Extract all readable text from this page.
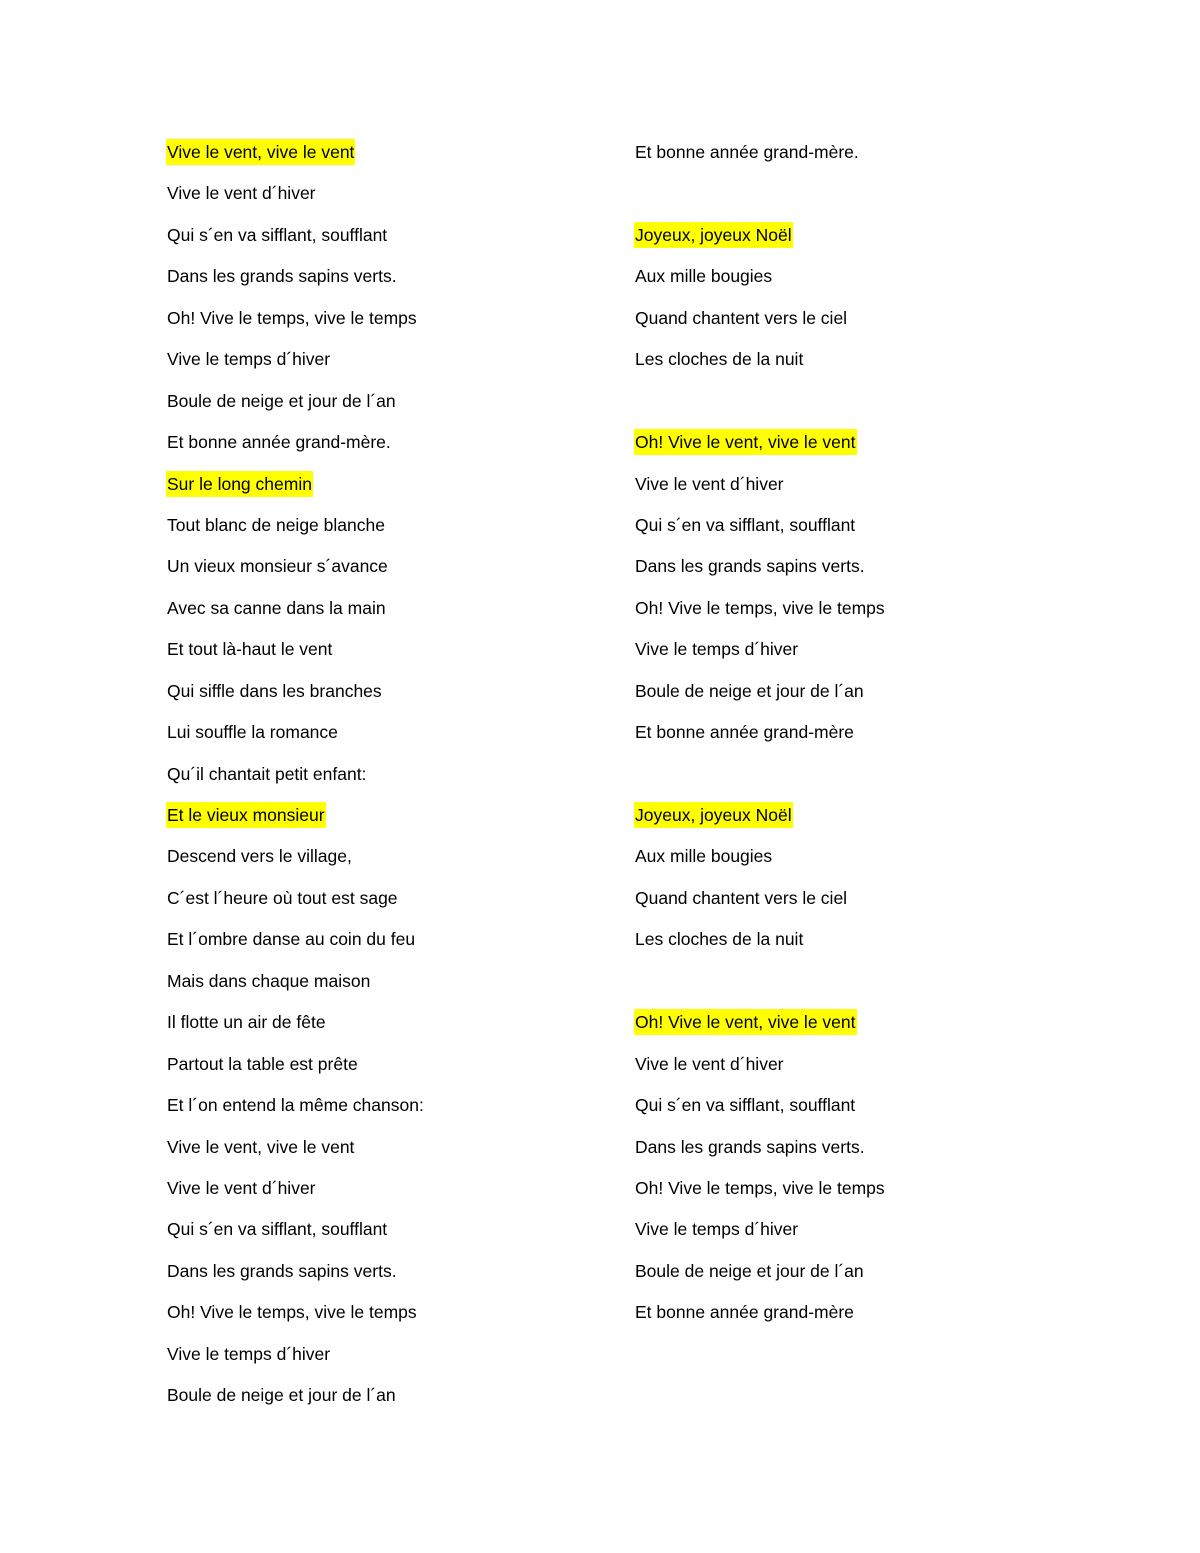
Vive le vent, vive le vent
Vive le vent d´hiver
Qui s´en va sifflant, soufflant
Dans les grands sapins verts.
Oh! Vive le temps, vive le temps
Vive le temps d´hiver
Boule de neige et jour de l´an
Et bonne année grand-mère.
Sur le long chemin
Tout blanc de neige blanche
Un vieux monsieur s´avance
Avec sa canne dans la main
Et tout là-haut le vent
Qui siffle dans les branches
Lui souffle la romance
Qu´il chantait petit enfant:
Et le vieux monsieur
Descend vers le village,
C´est l´heure où tout est sage
Et l´ombre danse au coin du feu
Mais dans chaque maison
Il flotte un air de fête
Partout la table est prête
Et l´on entend la même chanson:
Vive le vent, vive le vent
Vive le vent d´hiver
Qui s´en va sifflant, soufflant
Dans les grands sapins verts.
Oh! Vive le temps, vive le temps
Vive le temps d´hiver
Boule de neige et jour de l´an
Et bonne année grand-mère.
Joyeux, joyeux Noël
Aux mille bougies
Quand chantent vers le ciel
Les cloches de la nuit
Oh! Vive le vent, vive le vent
Vive le vent d´hiver
Qui s´en va sifflant, soufflant
Dans les grands sapins verts.
Oh! Vive le temps, vive le temps
Vive le temps d´hiver
Boule de neige et jour de l´an
Et bonne année grand-mère
Joyeux, joyeux Noël
Aux mille bougies
Quand chantent vers le ciel
Les cloches de la nuit
Oh! Vive le vent, vive le vent
Vive le vent d´hiver
Qui s´en va sifflant, soufflant
Dans les grands sapins verts.
Oh! Vive le temps, vive le temps
Vive le temps d´hiver
Boule de neige et jour de l´an
Et bonne année grand-mère
